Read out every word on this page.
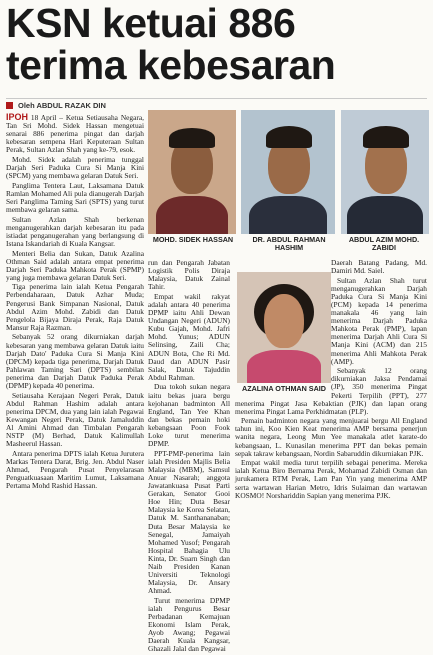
KSN ketuai 886
terima kebesaran
Oleh ABDUL RAZAK DIN

IPOH 18 April – Ketua Setiausaha Negara, Tan Sri Mohd. Sidek Hassan mengetuai senarai 886 penerima pingat dan darjah kebesaran sempena Hari Keputeraan Sultan Perak, Sultan Azlan Shah yang ke-79, esok.

Mohd. Sidek adalah penerima tunggal Darjah Seri Paduka Cura Si Manja Kini (SPCM) yang membawa gelaran Datuk Seri.

Panglima Tentera Laut, Laksamana Datuk Ramlan Mohamed Ali pula dianugerah Darjah Seri Panglima Taming Sari (SPTS) yang turut membawa gelaran sama.

Sultan Azlan Shah berkenan menganugerahkan darjah kebesaran itu pada istiadat penganugerahan yang berlangsung di Istana Iskandariah di Kuala Kangsar.

Menteri Belia dan Sukan, Datuk Azalina Othman Said adalah antara empat penerima Darjah Seri Paduka Mahkota Perak (SPMP) yang juga membawa gelaran Datuk Seri.

Tiga penerima lain ialah Ketua Pengarah Perbendaharaan, Datuk Azhar Muda; Pengerusi Bank Simpanan Nasional, Datuk Abdul Azim Mohd. Zabidi dan Datuk Pengelola Bijaya Diraja Perak, Raja Datuk Mansur Raja Razman.

Sebanyak 52 orang dikurniakan darjah kebesaran yang membawa gelaran Datuk iaitu Darjah Dato' Paduka Cura Si Manja Kini (DPCM) kepada tiga penerima, Darjah Datuk Pahlawan Taming Sari (DPTS) sembilan penerima dan Darjah Datuk Paduka Perak (DPMP) kepada 40 penerima.

Setiausaha Kerajaan Negeri Perak, Datuk Abdul Rahman Hashim adalah antara penerima DPCM, dua yang lain ialah Pegawai Kewangan Negeri Perak, Datuk Jamaluddin Al Amini Ahmad dan Timbalan Pengarah NSTP (M) Berhad, Datuk Kalimullah Masheerul Hassan.

Antara penerima DPTS ialah Ketua Jurutera Markas Tentera Darat, Brig. Jen. Abdul Naser Ahmad, Pengarah Pusat Penyelarasan Penguatkuasaan Maritim Lumut, Laksamana Pertama Mohd Rashid Hassan.

MOHD. SIDEK HASSAN	DR. ABDUL RAHMAN HASHIM
ABDUL AZIM MOHD. ZABIDI

run dan Pengarah Jabatan Logistik Polis Diraja Malaysia, Datuk Zainal Tahir.

Empat wakil rakyat adalah antara 40 penerima DPMP iaitu Ahli Dewan Undangan Negeri (ADUN) Kubu Gajah, Mohd. Jafri Mohd. Yunus; ADUN Selinsing, Zaili Cha; ADUN Bota, Che Ri Md. Daud dan ADUN Pasir Salak, Datuk Tajuddin Abdul Rahman.

Dua tokoh sukan negara iaitu bekas juara bergu kejohanan badminton All England, Tan Yee Khan dan bekas pemain hoki kebangsaan Poon Fook Loke turut menerima DPMP.

PPT-PMP-penerima lain ialah Presiden Majlis Belia Malaysia (MBM), Samsul Anuar Nasarah; anggota Jawatankuasa Pusat Parti Gerakan, Senator Gooi Hoe Hin; Duta Besar Malaysia ke Korea Selatan, Datuk M. Santhananaban; Duta Besar Malaysia ke Senegal, Jamaiyah Mohamed Yusof; Pengarah Hospital Bahagia Ulu Kinta, Dr. Suarn Singh dan Naib Presiden Kanan Universiti Teknologi Malaysia, Dr. Ansary Ahmad.

Turut menerima DPMP ialah Pengurus Besar Perbadanan Kemajuan Ekonomi Islam Perak, Ayob Awang; Pegawai Daerah Kuala Kangsar, Ghazali Jalal dan Pegawai

AZALINA OTHMAN SAID

Daerah Batang Padang, Md. Damiri Md. Saiel.

Sultan Azlan Shah turut menganugerahkan Darjah Paduka Cura Si Manja Kini (PCM) kepada 14 penerima manakala 46 yang lain menerima Darjah Paduka Mahkota Perak (PMP), lapan menerima Darjah Ahli Cura Si Manja Kini (ACM) dan 215 menerima Ahli Mahkota Perak (AMP).

Sebanyak 12 orang dikurniakan Jaksa Pendamai (JP), 350 menerima Pingat Pekerti Terpilih (PPT), 277 menerima Pingat Jasa Kebaktian (PJK) dan lapan orang menerima Pingat Lama Perkhidmatan (PLP).

Pemain badminton negara yang menjuarai bergu All England tahun ini, Koo Kien Keat menerima AMP bersama penerjun wanita negara, Leong Mun Yee manakala atlet karate-do kebangsaan, L. Kunasilan menerima PPT dan bekas pemain sepak takraw kebangsaan, Nordin Sabaruddin dikurniakan PJK.

Empat wakil media turut terpilih sebagai penerima. Mereka ialah Ketua Biro Bernama Perak, Mohamad Zabidi Osman dan jurukamera RTM Perak, Lam Pan Yin yang menerima AMP serta wartawan Harian Metro, Idris Sulaiman dan wartawan KOSMO! Norshariddin Sapian yang menerima PJK.
